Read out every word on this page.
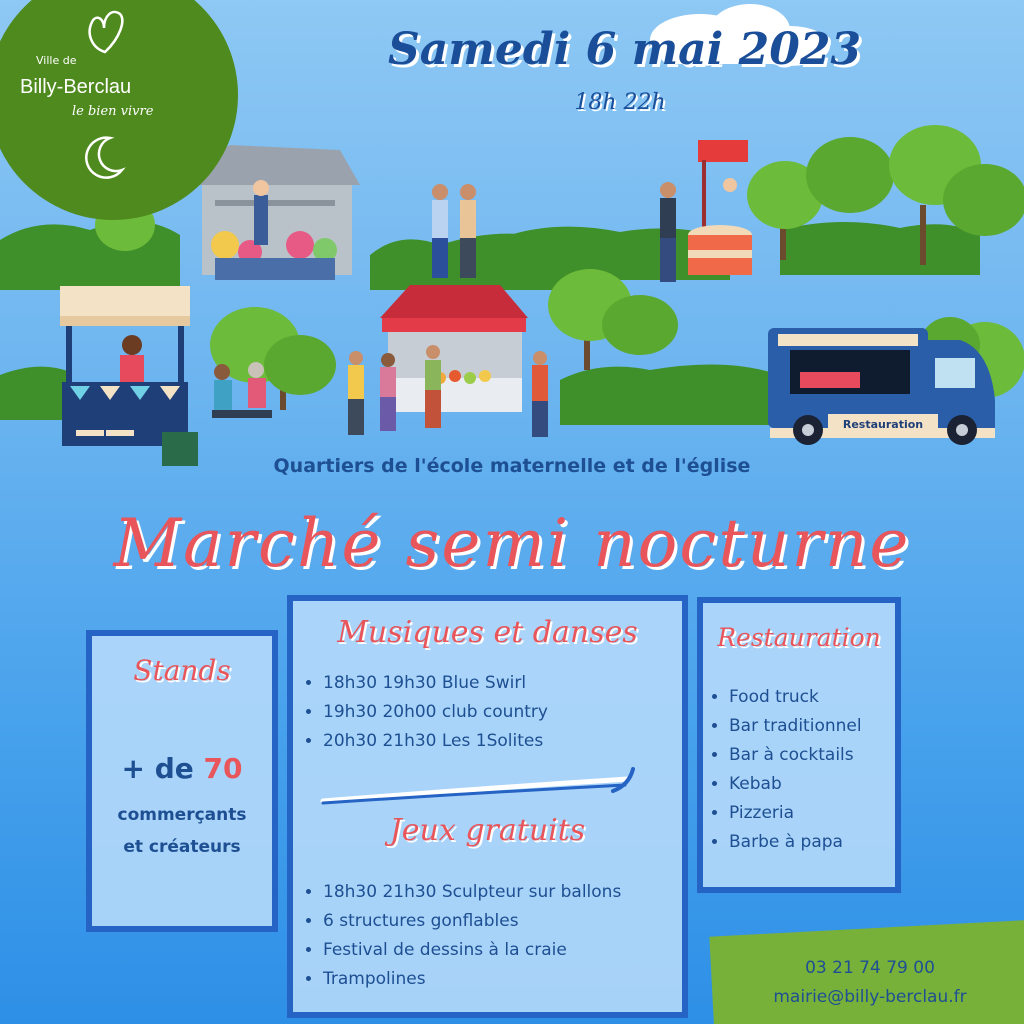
Restauration
Ville de
Billy-Berclau
le bien vivre
Samedi 6 mai 2023
18h 22h
Quartiers de l'école maternelle et de l'église
Marché semi nocturne
Stands
+ de 70
commerçants
et créateurs
Musiques et danses
• 18h30 19h30 Blue Swirl
• 19h30 20h00 club country
• 20h30 21h30 Les 1Solites
Jeux gratuits
• 18h30 21h30 Sculpteur sur ballons
• 6 structures gonflables
• Festival de dessins à la craie
• Trampolines
Restauration
• Food truck
• Bar traditionnel
• Bar à cocktails
• Kebab
• Pizzeria
• Barbe à papa
03 21 74 79 00
mairie@billy-berclau.fr
